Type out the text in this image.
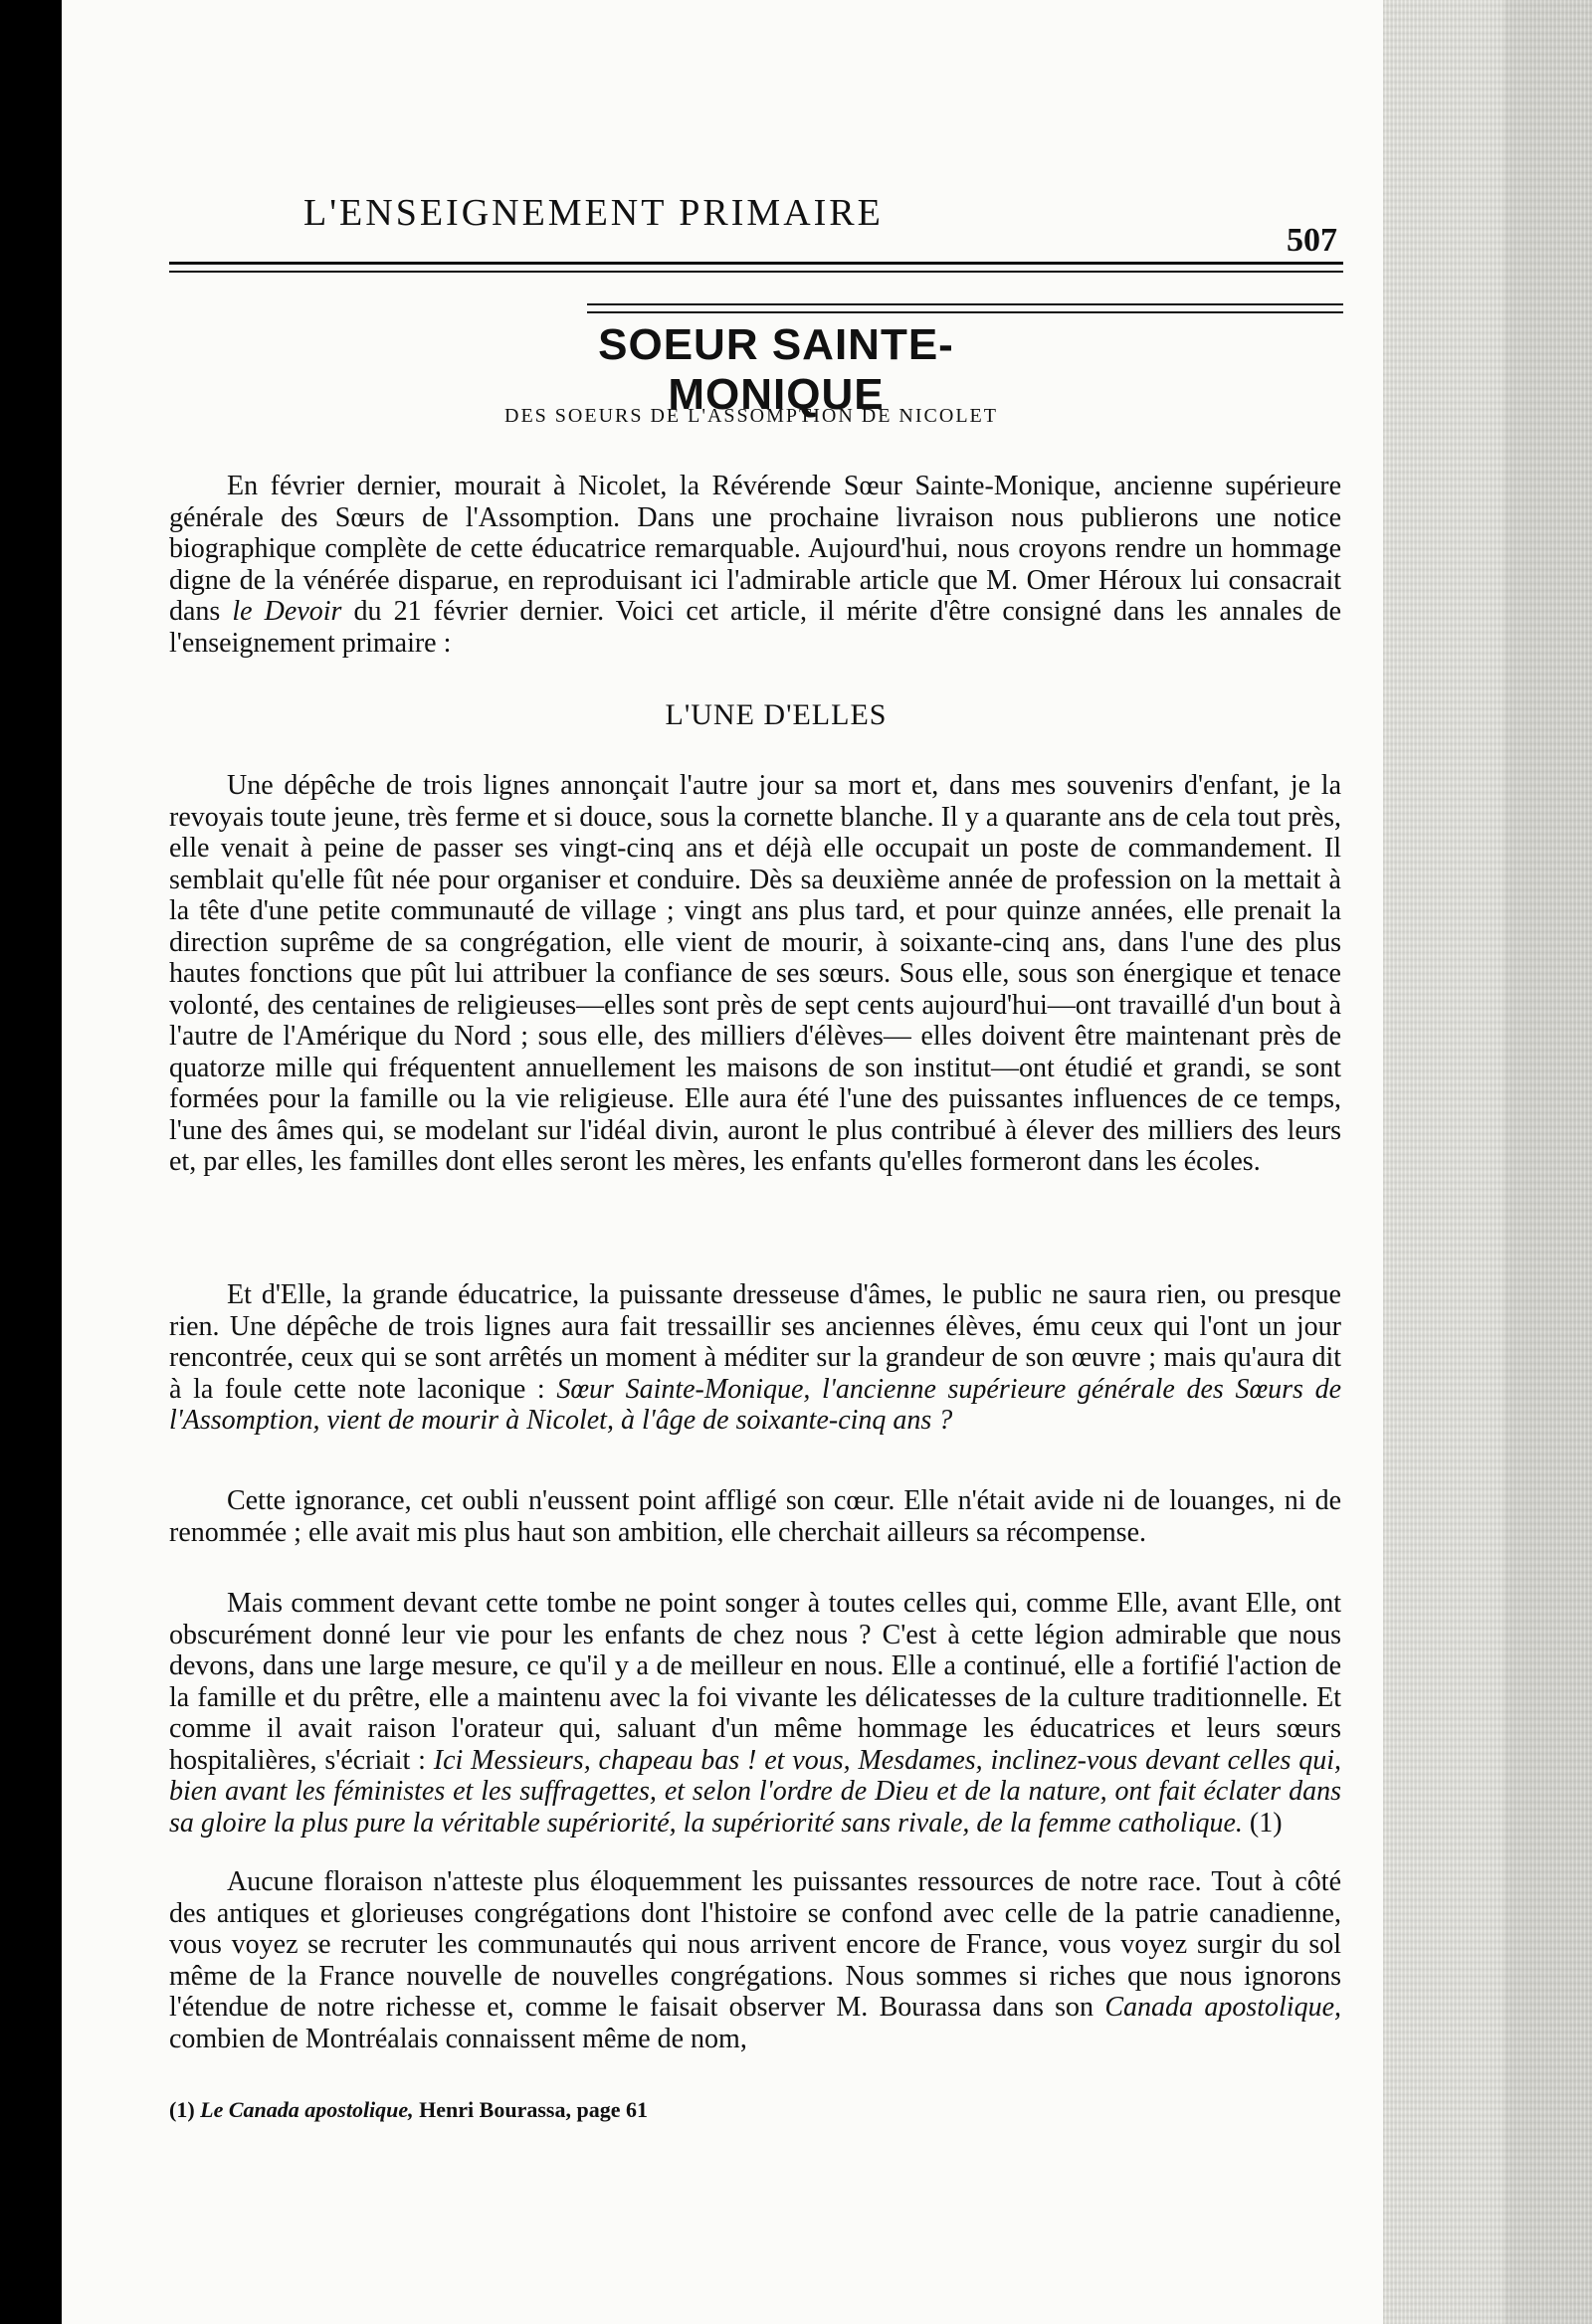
L'ENSEIGNEMENT PRIMAIRE
507
SOEUR SAINTE-MONIQUE
DES SOEURS DE L'ASSOMPTION DE NICOLET

En février dernier, mourait à Nicolet, la Révérende Sœur Sainte-Monique, ancienne supérieure générale des Sœurs de l'Assomption. Dans une prochaine livraison nous publierons une notice biographique complète de cette éducatrice remarquable. Aujourd'hui, nous croyons rendre un hommage digne de la vénérée disparue, en reproduisant ici l'admirable article que M. Omer Héroux lui consacrait dans le Devoir du 21 février dernier. Voici cet article, il mérite d'être consigné dans les annales de l'enseignement primaire :

L'UNE D'ELLES

Une dépêche de trois lignes annonçait l'autre jour sa mort et, dans mes souvenirs d'enfant, je la revoyais toute jeune, très ferme et si douce, sous la cornette blanche. Il y a quarante ans de cela tout près, elle venait à peine de passer ses vingt-cinq ans et déjà elle occupait un poste de commandement. Il semblait qu'elle fût née pour organiser et conduire. Dès sa deuxième année de profession on la mettait à la tête d'une petite communauté de village ; vingt ans plus tard, et pour quinze années, elle prenait la direction suprême de sa congrégation, elle vient de mourir, à soixante-cinq ans, dans l'une des plus hautes fonctions que pût lui attribuer la confiance de ses sœurs. Sous elle, sous son énergique et tenace volonté, des centaines de religieuses—elles sont près de sept cents aujourd'hui—ont travaillé d'un bout à l'autre de l'Amérique du Nord ; sous elle, des milliers d'élèves— elles doivent être maintenant près de quatorze mille qui fréquentent annuellement les maisons de son institut—ont étudié et grandi, se sont formées pour la famille ou la vie religieuse. Elle aura été l'une des puissantes influences de ce temps, l'une des âmes qui, se modelant sur l'idéal divin, auront le plus contribué à élever des milliers des leurs et, par elles, les familles dont elles seront les mères, les enfants qu'elles formeront dans les écoles.

Et d'Elle, la grande éducatrice, la puissante dresseuse d'âmes, le public ne saura rien, ou presque rien. Une dépêche de trois lignes aura fait tressaillir ses anciennes élèves, ému ceux qui l'ont un jour rencontrée, ceux qui se sont arrêtés un moment à méditer sur la grandeur de son œuvre ; mais qu'aura dit à la foule cette note laconique : Sœur Sainte-Monique, l'ancienne supérieure générale des Sœurs de l'Assomption, vient de mourir à Nicolet, à l'âge de soixante-cinq ans ?

Cette ignorance, cet oubli n'eussent point affligé son cœur. Elle n'était avide ni de louanges, ni de renommée ; elle avait mis plus haut son ambition, elle cherchait ailleurs sa récompense.

Mais comment devant cette tombe ne point songer à toutes celles qui, comme Elle, avant Elle, ont obscurément donné leur vie pour les enfants de chez nous ? C'est à cette légion admirable que nous devons, dans une large mesure, ce qu'il y a de meilleur en nous. Elle a continué, elle a fortifié l'action de la famille et du prêtre, elle a maintenu avec la foi vivante les délicatesses de la culture traditionnelle. Et comme il avait raison l'orateur qui, saluant d'un même hommage les éducatrices et leurs sœurs hospitalières, s'écriait : Ici Messieurs, chapeau bas ! et vous, Mesdames, inclinez-vous devant celles qui, bien avant les féministes et les suffragettes, et selon l'ordre de Dieu et de la nature, ont fait éclater dans sa gloire la plus pure la véritable supériorité, la supériorité sans rivale, de la femme catholique. (1)

Aucune floraison n'atteste plus éloquemment les puissantes ressources de notre race. Tout à côté des antiques et glorieuses congrégations dont l'histoire se confond avec celle de la patrie canadienne, vous voyez se recruter les communautés qui nous arrivent encore de France, vous voyez surgir du sol même de la France nouvelle de nouvelles congrégations. Nous sommes si riches que nous ignorons l'étendue de notre richesse et, comme le faisait observer M. Bourassa dans son Canada apostolique, combien de Montréalais connaissent même de nom,

(1) Le Canada apostolique, Henri Bourassa, page 61
